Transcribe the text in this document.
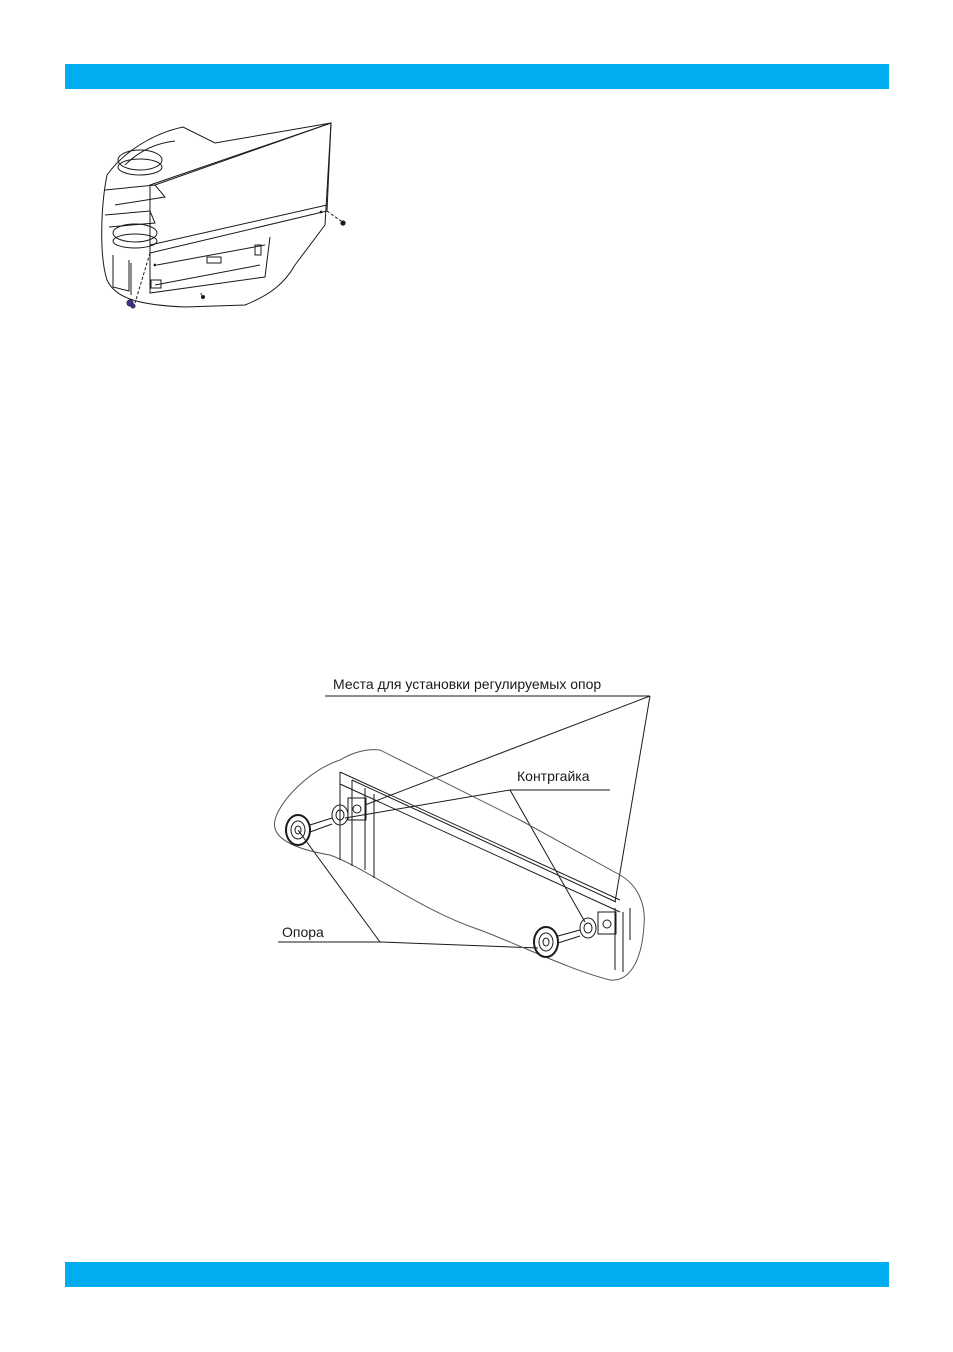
Места для установки регулируемых опор
Контргайка
Опора
